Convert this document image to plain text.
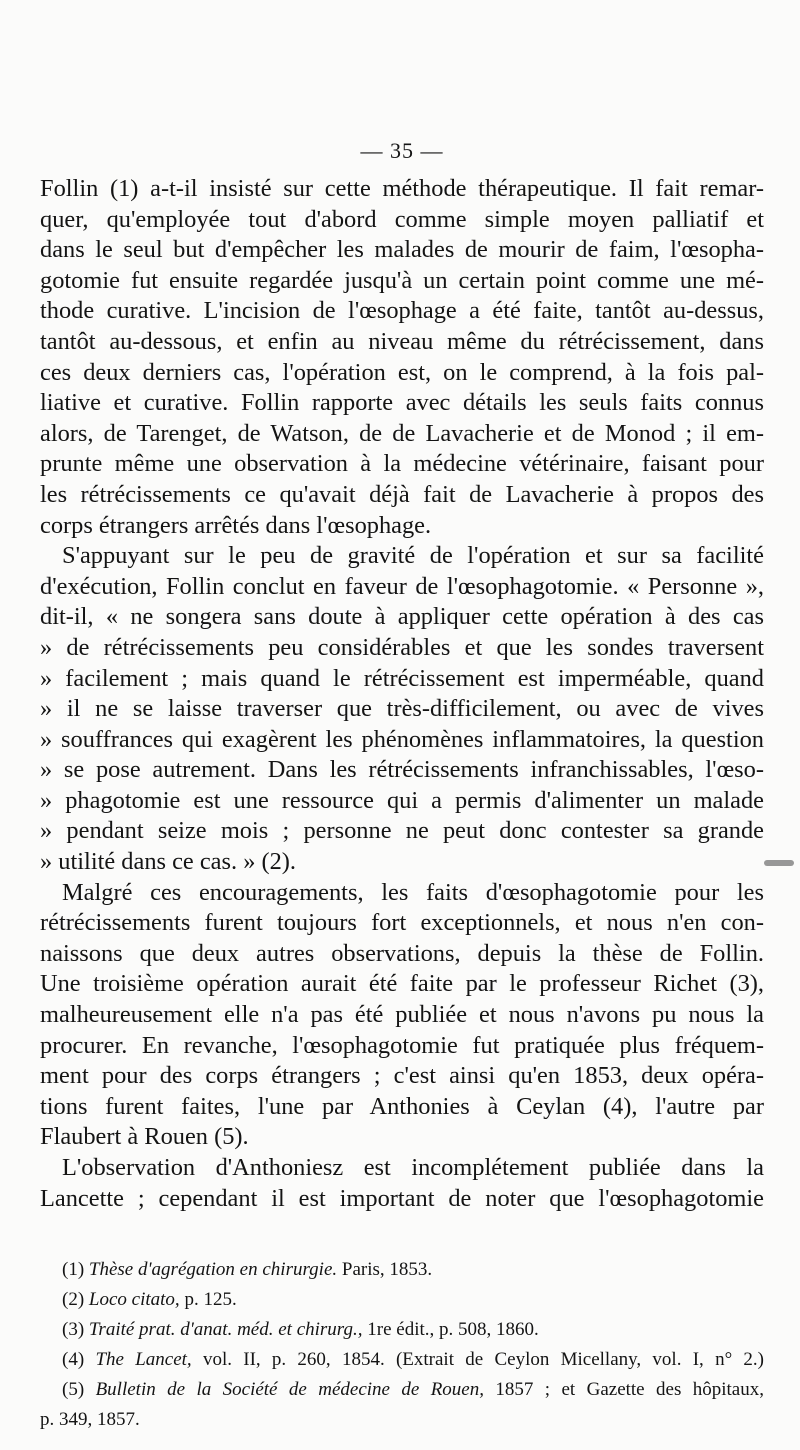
— 35 —
Follin (1) a-t-il insisté sur cette méthode thérapeutique. Il fait remar-
quer, qu'employée tout d'abord comme simple moyen palliatif et
dans le seul but d'empêcher les malades de mourir de faim, l'œsopha-
gotomie fut ensuite regardée jusqu'à un certain point comme une mé-
thode curative. L'incision de l'œsophage a été faite, tantôt au-dessus,
tantôt au-dessous, et enfin au niveau même du rétrécissement, dans
ces deux derniers cas, l'opération est, on le comprend, à la fois pal-
liative et curative. Follin rapporte avec détails les seuls faits connus
alors, de Tarenget, de Watson, de de Lavacherie et de Monod ; il em-
prunte même une observation à la médecine vétérinaire, faisant pour
les rétrécissements ce qu'avait déjà fait de Lavacherie à propos des
corps étrangers arrêtés dans l'œsophage.
S'appuyant sur le peu de gravité de l'opération et sur sa facilité
d'exécution, Follin conclut en faveur de l'œsophagotomie. « Personne »,
dit-il, « ne songera sans doute à appliquer cette opération à des cas
» de rétrécissements peu considérables et que les sondes traversent
» facilement ; mais quand le rétrécissement est imperméable, quand
» il ne se laisse traverser que très-difficilement, ou avec de vives
» souffrances qui exagèrent les phénomènes inflammatoires, la question
» se pose autrement. Dans les rétrécissements infranchissables, l'œso-
» phagotomie est une ressource qui a permis d'alimenter un malade
» pendant seize mois ; personne ne peut donc contester sa grande
» utilité dans ce cas. » (2).
Malgré ces encouragements, les faits d'œsophagotomie pour les
rétrécissements furent toujours fort exceptionnels, et nous n'en con-
naissons que deux autres observations, depuis la thèse de Follin.
Une troisième opération aurait été faite par le professeur Richet (3),
malheureusement elle n'a pas été publiée et nous n'avons pu nous la
procurer. En revanche, l'œsophagotomie fut pratiquée plus fréquem-
ment pour des corps étrangers ; c'est ainsi qu'en 1853, deux opéra-
tions furent faites, l'une par Anthonies à Ceylan (4), l'autre par
Flaubert à Rouen (5).
L'observation d'Anthoniesz est incomplétement publiée dans la
Lancette ; cependant il est important de noter que l'œsophagotomie
(1) Thèse d'agrégation en chirurgie. Paris, 1853.
(2) Loco citato, p. 125.
(3) Traité prat. d'anat. méd. et chirurg., 1re édit., p. 508, 1860.
(4) The Lancet, vol. II, p. 260, 1854. (Extrait de Ceylon Micellany, vol. I, n° 2.)
(5) Bulletin de la Société de médecine de Rouen, 1857 ; et Gazette des hôpitaux,
p. 349, 1857.
